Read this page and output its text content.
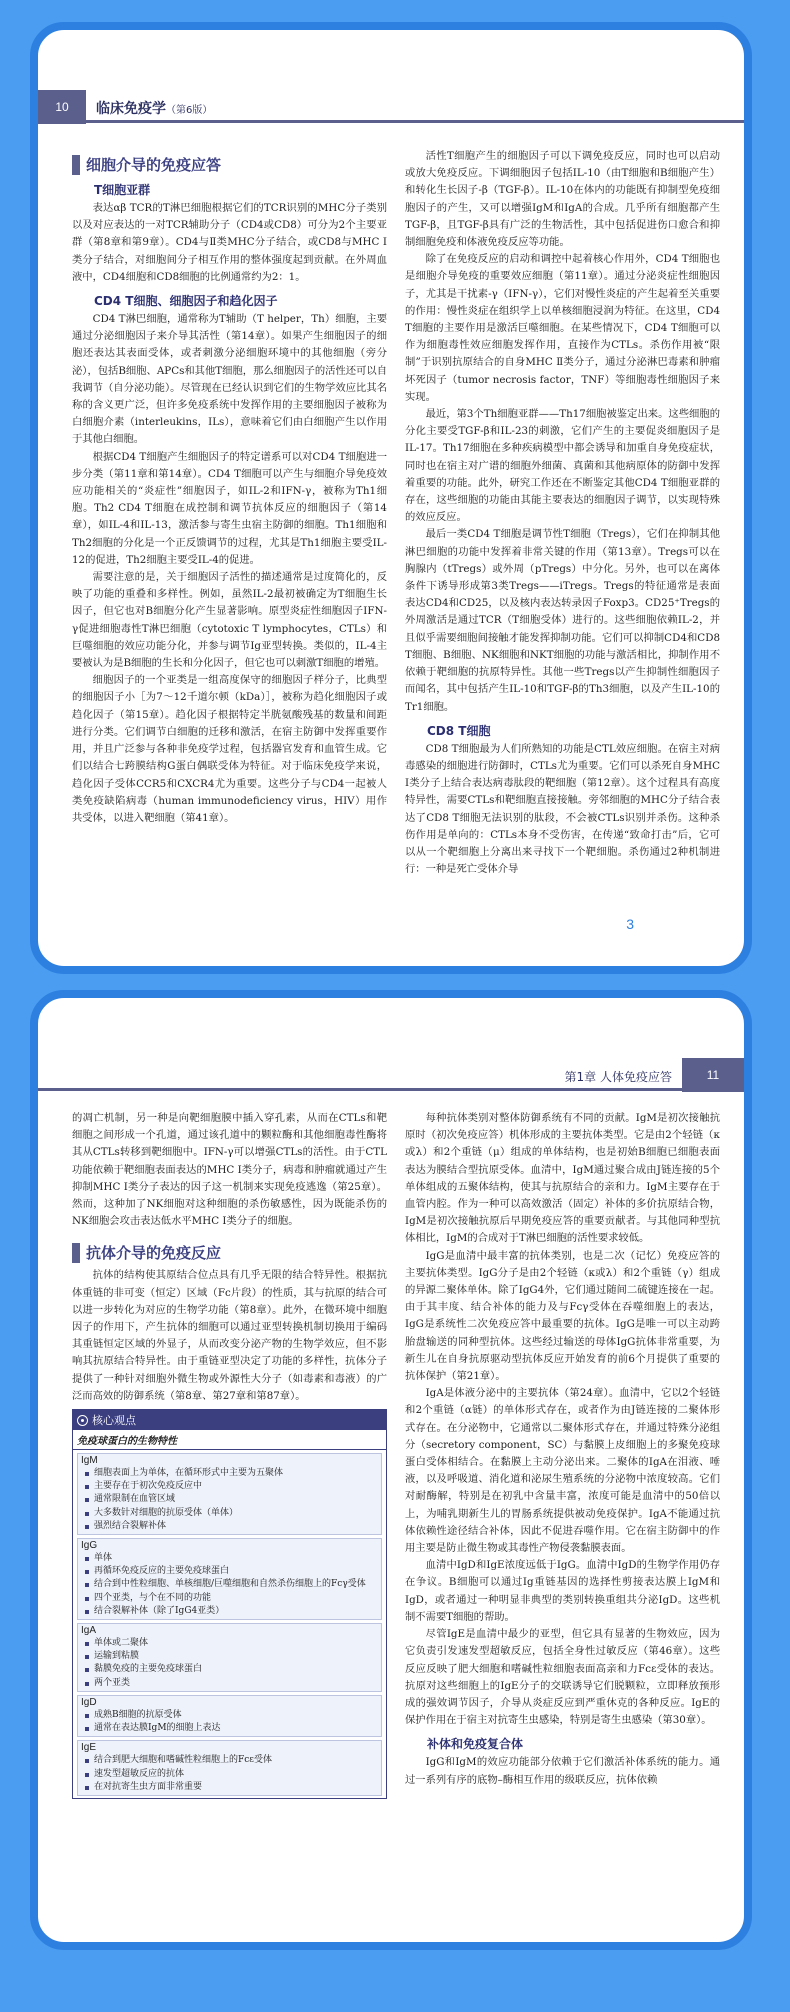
10	临床免疫学（第6版）
细胞介导的免疫应答
T细胞亚群

表达αβ TCR的T淋巴细胞根据它们的TCR识别的MHC分子类别以及对应表达的一对TCR辅助分子（CD4或CD8）可分为2个主要亚群（第8章和第9章）。CD4与Ⅱ类MHC分子结合，或CD8与MHC Ⅰ类分子结合，对细胞间分子相互作用的整体强度起到贡献。在外周血液中，CD4细胞和CD8细胞的比例通常约为2：1。

CD4 T细胞、细胞因子和趋化因子

CD4 T淋巴细胞，通常称为T辅助（T helper，Th）细胞，主要通过分泌细胞因子来介导其活性（第14章）。如果产生细胞因子的细胞还表达其表面受体，或者刺激分泌细胞环境中的其他细胞（旁分泌），包括B细胞、APCs和其他T细胞，那么细胞因子的活性还可以自我调节（自分泌功能）。尽管现在已经认识到它们的生物学效应比其名称的含义更广泛，但许多免疫系统中发挥作用的主要细胞因子被称为白细胞介素（interleukins，ILs），意味着它们由白细胞产生以作用于其他白细胞。

根据CD4 T细胞产生细胞因子的特定谱系可以对CD4 T细胞进一步分类（第11章和第14章）。CD4 T细胞可以产生与细胞介导免疫效应功能相关的“炎症性”细胞因子，如IL-2和IFN-γ，被称为Th1细胞。Th2 CD4 T细胞在成控制和调节抗体反应的细胞因子（第14章），如IL-4和IL-13，激活参与寄生虫宿主防御的细胞。Th1细胞和Th2细胞的分化是一个正反馈调节的过程，尤其是Th1细胞主要受IL-12的促进，Th2细胞主要受IL-4的促进。

需要注意的是，关于细胞因子活性的描述通常是过度简化的，反映了功能的重叠和多样性。例如，虽然IL-2最初被确定为T细胞生长因子，但它也对B细胞分化产生显著影响。原型炎症性细胞因子IFN-γ促进细胞毒性T淋巴细胞（cytotoxic T lymphocytes，CTLs）和巨噬细胞的效应功能分化，并参与调节Ig亚型转换。类似的，IL-4主要被认为是B细胞的生长和分化因子，但它也可以刺激T细胞的增殖。

细胞因子的一个亚类是一组高度保守的细胞因子样分子，比典型的细胞因子小［为7～12千道尔顿（kDa）］，被称为趋化细胞因子或趋化因子（第15章）。趋化因子根据特定半胱氨酸残基的数量和间距进行分类。它们调节白细胞的迁移和激活，在宿主防御中发挥重要作用，并且广泛参与各种非免疫学过程，包括器官发育和血管生成。它们以结合七跨膜结构G蛋白偶联受体为特征。对于临床免疫学来说，趋化因子受体CCR5和CXCR4尤为重要。这些分子与CD4一起被人类免疫缺陷病毒（human immunodeficiency virus，HIV）用作共受体，以进入靶细胞（第41章）。

活性T细胞产生的细胞因子可以下调免疫反应，同时也可以启动或放大免疫反应。下调细胞因子包括IL-10（由T细胞和B细胞产生）和转化生长因子-β（TGF-β）。IL-10在体内的功能既有抑制型免疫细胞因子的产生，又可以增强IgM和IgA的合成。几乎所有细胞都产生TGF-β，且TGF-β具有广泛的生物活性，其中包括促进伤口愈合和抑制细胞免疫和体液免疫反应等功能。

除了在免疫反应的启动和调控中起着核心作用外，CD4 T细胞也是细胞介导免疫的重要效应细胞（第11章）。通过分泌炎症性细胞因子，尤其是干扰素-γ（IFN-γ），它们对慢性炎症的产生起着至关重要的作用：慢性炎症在组织学上以单核细胞浸润为特征。在这里，CD4 T细胞的主要作用是激活巨噬细胞。在某些情况下，CD4 T细胞可以作为细胞毒性效应细胞发挥作用，直接作为CTLs。杀伤作用被“限制”于识别抗原结合的自身MHC Ⅱ类分子，通过分泌淋巴毒素和肿瘤坏死因子（tumor necrosis factor，TNF）等细胞毒性细胞因子来实现。

最近，第3个Th细胞亚群——Th17细胞被鉴定出来。这些细胞的分化主要受TGF-β和IL-23的刺激，它们产生的主要促炎细胞因子是IL-17。Th17细胞在多种疾病模型中都会诱导和加重自身免疫症状，同时也在宿主对广谱的细胞外细菌、真菌和其他病原体的防御中发挥着重要的功能。此外，研究工作还在不断鉴定其他CD4 T细胞亚群的存在，这些细胞的功能由其能主要表达的细胞因子调节，以实现特殊的效应反应。

最后一类CD4 T细胞是调节性T细胞（Tregs），它们在抑制其他淋巴细胞的功能中发挥着非常关键的作用（第13章）。Tregs可以在胸腺内（tTregs）或外周（pTregs）中分化。另外，也可以在离体条件下诱导形成第3类Tregs——iTregs。Tregs的特征通常是表面表达CD4和CD25，以及核内表达转录因子Foxp3。CD25⁺Tregs的外周激活是通过TCR（T细胞受体）进行的。这些细胞依赖IL-2，并且似乎需要细胞间接触才能发挥抑制功能。它们可以抑制CD4和CD8 T细胞、B细胞、NK细胞和NKT细胞的功能与激活相比，抑制作用不依赖于靶细胞的抗原特异性。其他一些Tregs以产生抑制性细胞因子而闻名，其中包括产生IL-10和TGF-β的Th3细胞，以及产生IL-10的Tr1细胞。

CD8 T细胞

CD8 T细胞最为人们所熟知的功能是CTL效应细胞。在宿主对病毒感染的细胞进行防御时，CTLs尤为重要。它们可以杀死自身MHC Ⅰ类分子上结合表达病毒肽段的靶细胞（第12章）。这个过程具有高度特异性，需要CTLs和靶细胞直接接触。旁邻细胞的MHC分子结合表达了CD8 T细胞无法识别的肽段，不会被CTLs识别并杀伤。这种杀伤作用是单向的：CTLs本身不受伤害，在传递“致命打击”后，它可以从一个靶细胞上分离出来寻找下一个靶细胞。杀伤通过2种机制进行：一种是死亡受体介导

3
第1章 人体免疫应答	11

的凋亡机制，另一种是向靶细胞膜中插入穿孔素，从而在CTLs和靶细胞之间形成一个孔道，通过该孔道中的颗粒酶和其他细胞毒性酶将其从CTLs转移到靶细胞中。IFN-γ可以增强CTLs的活性。由于CTL功能依赖于靶细胞表面表达的MHC Ⅰ类分子，病毒和肿瘤就通过产生抑制MHC Ⅰ类分子表达的因子这一机制来实现免疫逃逸（第25章）。然而，这种加了NK细胞对这种细胞的杀伤敏感性，因为既能杀伤的NK细胞会攻击表达低水平MHC Ⅰ类分子的细胞。

抗体介导的免疫反应

抗体的结构使其原结合位点具有几乎无限的结合特异性。根据抗体重链的非可变（恒定）区域（Fc片段）的性质，其与抗原的结合可以进一步转化为对应的生物学功能（第8章）。此外，在微环境中细胞因子的作用下，产生抗体的细胞可以通过亚型转换机制切换用于编码其重链恒定区域的外显子，从而改变分泌产物的生物学效应，但不影响其抗原结合特异性。由于重链亚型决定了功能的多样性，抗体分子提供了一种针对细胞外微生物或外源性大分子（如毒素和毒液）的广泛而高效的防御系统（第8章、第27章和第87章）。

核心观点
免疫球蛋白的生物特性
IgM
细胞表面上为单体，在循环形式中主要为五聚体
主要存在于初次免疫反应中
通常限制在血管区域
大多数针对细胞的抗原受体（单体）
强烈结合裂解补体
IgG
单体
再循环免疫反应的主要免疫球蛋白
结合到中性粒细胞、单核细胞/巨噬细胞和自然杀伤细胞上的Fcγ受体
四个亚类，与个在不同的功能
结合裂解补体（除了IgG4亚类）
IgA
单体或二聚体
运输到粘膜
黏膜免疫的主要免疫球蛋白
两个亚类
IgD
成熟B细胞的抗原受体
通常在表达膜IgM的细胞上表达
IgE
结合到肥大细胞和嗜碱性粒细胞上的Fcε受体
速发型超敏反应的抗体
在对抗寄生虫方面非常重要

每种抗体类别对整体防御系统有不同的贡献。IgM是初次接触抗原时（初次免疫应答）机体形成的主要抗体类型。它是由2个轻链（κ或λ）和2个重链（μ）组成的单体结构，也是初始B细胞已细胞表面表达为膜结合型抗原受体。血清中，IgM通过聚合成由J链连接的5个单体组成的五聚体结构，使其与抗原结合的亲和力。IgM主要存在于血管内腔。作为一种可以高效激活（固定）补体的多价抗原结合物，IgM是初次接触抗原后早期免疫应答的重要贡献者。与其他同种型抗体相比，IgM的合成对于T淋巴细胞的活性要求较低。

IgG是血清中最丰富的抗体类别，也是二次（记忆）免疫应答的主要抗体类型。IgG分子是由2个轻链（κ或λ）和2个重链（γ）组成的异源二聚体单体。除了IgG4外，它们通过随间二硫键连接在一起。由于其丰度、结合补体的能力及与Fcγ受体在吞噬细胞上的表达，IgG是系统性二次免疫应答中最重要的抗体。IgG是唯一可以主动跨胎盘输送的同种型抗体。这些经过输送的母体IgG抗体非常重要，为新生儿在自身抗原驱动型抗体反应开始发育的前6个月提供了重要的抗体保护（第21章）。

IgA是体液分泌中的主要抗体（第24章）。血清中，它以2个轻链和2个重链（α链）的单体形式存在，或者作为由J链连接的二聚体形式存在。在分泌物中，它通常以二聚体形式存在，并通过特殊分泌组分（secretory component，SC）与黏膜上皮细胞上的多聚免疫球蛋白受体相结合。在黏膜上主动分泌出来。二聚体的IgA在泪液、唾液，以及呼吸道、消化道和泌尿生殖系统的分泌物中浓度较高。它们对耐酶解，特别是在初乳中含量丰富，浓度可能是血清中的50倍以上，为哺乳期新生儿的胃肠系统提供被动免疫保护。IgA不能通过抗体依赖性途径结合补体，因此不促进吞噬作用。它在宿主防御中的作用主要是防止微生物或其毒性产物侵袭黏膜表面。

血清中IgD和IgE浓度远低于IgG。血清中IgD的生物学作用仍存在争议。B细胞可以通过Ig重链基因的选择性剪接表达膜上IgM和IgD，或者通过一种明显非典型的类别转换重组共分泌IgD。这些机制不需要T细胞的帮助。

尽管IgE是血清中最少的亚型，但它具有显著的生物效应，因为它负责引发速发型超敏反应，包括全身性过敏反应（第46章）。这些反应反映了肥大细胞和嗜碱性粒细胞表面高亲和力Fcε受体的表达。抗原对这些细胞上的IgE分子的交联诱导它们脱颗粒，立即释放预形成的强效调节因子，介导从炎症反应到严重休克的各种反应。IgE的保护作用在于宿主对抗寄生虫感染，特别是寄生虫感染（第30章）。

补体和免疫复合体

IgG和IgM的效应功能部分依赖于它们激活补体系统的能力。通过一系列有序的底物–酶相互作用的级联反应，抗体依赖
